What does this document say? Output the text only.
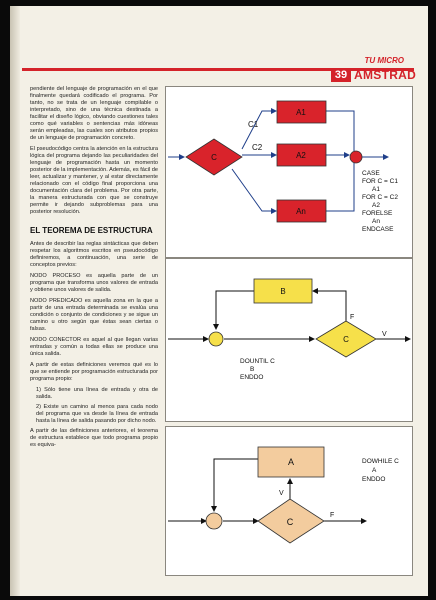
TU MICRO
39 AMSTRAD

pendiente del lenguaje de programación en el que finalmente quedará codificado el programa. Por tanto, no se trata de un lenguaje compilable o interpretado, sino de una técnica destinada a facilitar el diseño lógico, obviando cuestiones tales como qué variables o sentencias más idóneas serán empleadas, las cuales son atributos propios de un lenguaje de programación concreto.

El pseudocódigo centra la atención en la estructura lógica del programa dejando las peculiaridades del lenguaje de programación hasta un momento posterior de la implementación. Además, es fácil de leer, actualizar y mantener, y al estar directamente relacionado con el código final proporciona una documentación clara del problema. Por otra parte, la manera estructurada con que se construye permite ir dejando subproblemas para una posterior resolución.

EL TEOREMA DE ESTRUCTURA

Antes de describir las reglas sintácticas que deben respetar los algoritmos escritos en pseudocódigo definiremos, a continuación, una serie de conceptos previos:

NODO PROCESO es aquella parte de un programa que transforma unos valores de entrada y obtiene unos valores de salida.

NODO PREDICADO es aquella zona en la que a partir de una entrada determinada se evalúa una condición o conjunto de condiciones y se sigue un camino u otro según que éstas sean ciertas o falsas.

NODO CONECTOR es aquel al que llegan varias entradas y común a todas ellas se produce una única salida.

A partir de estas definiciones veremos qué es lo que se entiende por programación estructurada por programa propio:

1) Sólo tiene una línea de entrada y otra de salida.

2) Existe un camino al menos para cada nodo del programa que va desde la línea de entrada hasta la línea de salida pasando por dicho nodo.

A partir de las definiciones anteriores, el teorema de estructura establece que todo programa propio es equiva-

C
C1
C2
A1
A2
An
CASE
FOR C = C1
A1
FOR C = C2
A2
FORELSE
An
ENDCASE
B
C
F
V
DOUNTIL C
B
ENDDO
A
C
V
F
DOWHILE C
A
ENDDO
